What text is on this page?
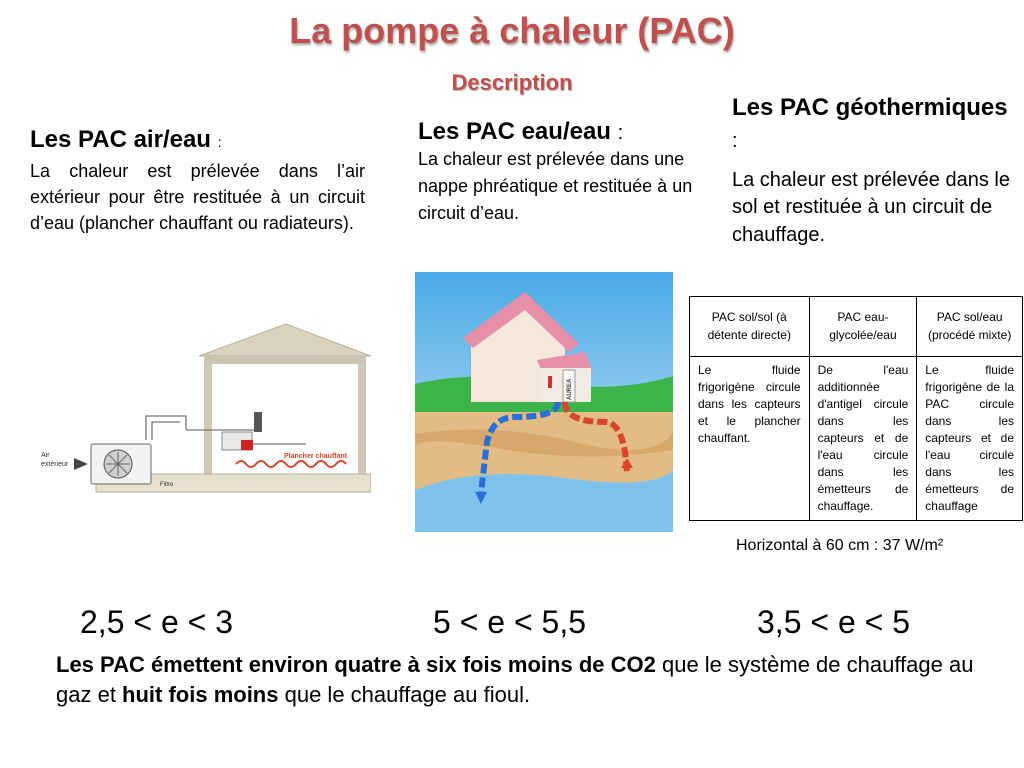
La pompe à chaleur (PAC)
Description
Les PAC air/eau :
La chaleur est prélevée dans l’air extérieur pour être restituée à un circuit d’eau (plancher chauffant ou radiateurs).
Les PAC eau/eau :
La chaleur est prélevée dans une nappe phréatique et restituée à un circuit d’eau.
Les PAC géothermiques :
La chaleur est prélevée dans le sol et restituée à un circuit de chauffage.
Air
extérieur
Plancher chauffant
Filtre
AUREA
PAC sol/sol (à détente directe)	PAC eau-glycolée/eau	PAC sol/eau (procédé mixte)
Le fluide frigorigène circule dans les capteurs et le plancher chauffant.	De l'eau additionnée d'antigel circule dans les capteurs et de l'eau circule dans les émetteurs de chauffage.	Le fluide frigorigène de la PAC circule dans les capteurs et de l'eau circule dans les émetteurs de chauffage
Horizontal à 60 cm : 37 W/m²
2,5 < e < 3	5 < e < 5,5	3,5 < e < 5
Les PAC émettent environ quatre à six fois moins de CO2 que le système de chauffage au gaz et huit fois moins que le chauffage au fioul.
